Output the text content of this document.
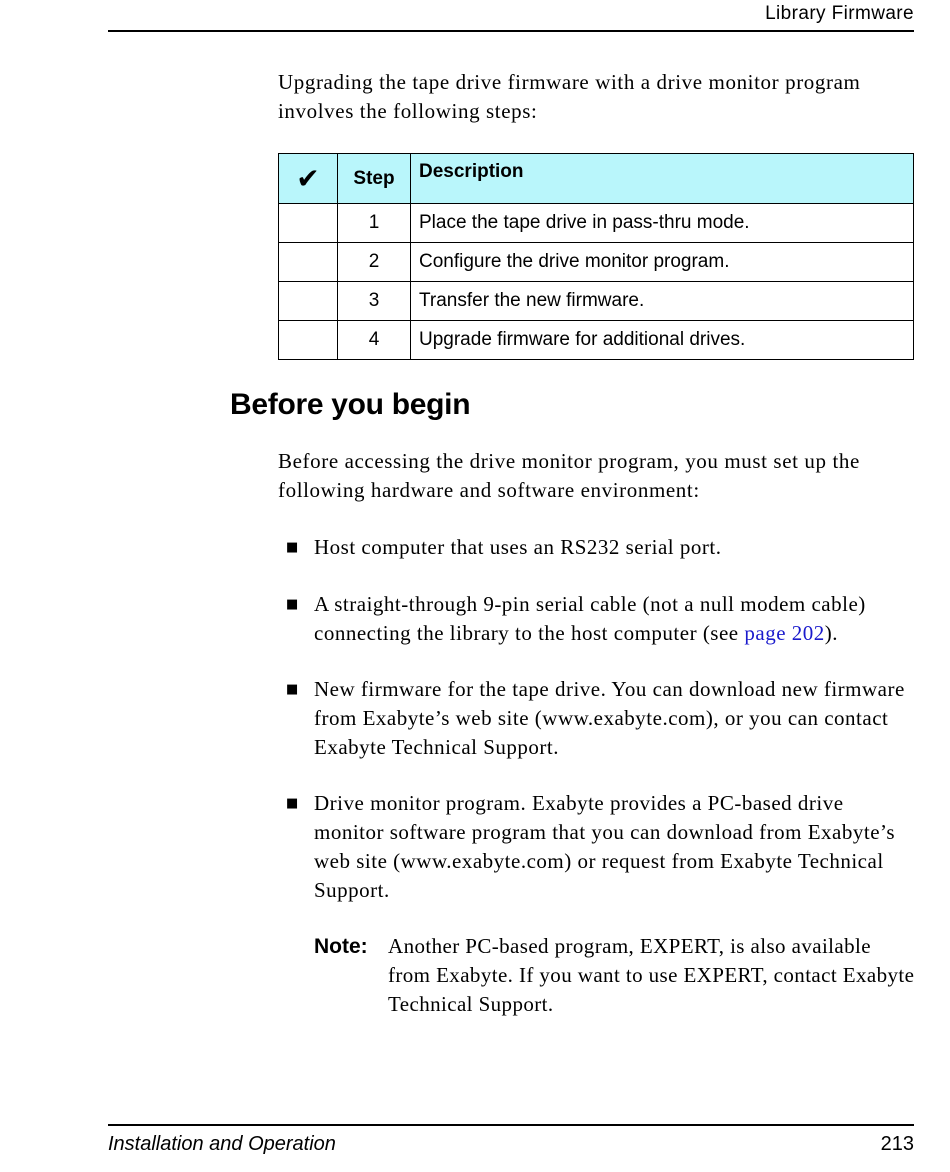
Library Firmware

Upgrading the tape drive firmware with a drive monitor program involves the following steps:

✔	Step	Description
	1	Place the tape drive in pass-thru mode.
	2	Configure the drive monitor program.
	3	Transfer the new firmware.
	4	Upgrade firmware for additional drives.
Before you begin

Before accessing the drive monitor program, you must set up the following hardware and software environment:

■ Host computer that uses an RS232 serial port.
■ A straight-through 9-pin serial cable (not a null modem cable) connecting the library to the host computer (see page 202).
■ New firmware for the tape drive. You can download new firmware from Exabyte’s web site (www.exabyte.com), or you can contact Exabyte Technical Support.
■ Drive monitor program. Exabyte provides a PC-based drive monitor software program that you can download from Exabyte’s web site (www.exabyte.com) or request from Exabyte Technical Support.
Note: Another PC-based program, EXPERT, is also available from Exabyte. If you want to use EXPERT, contact Exabyte Technical Support.
Installation and Operation	213
